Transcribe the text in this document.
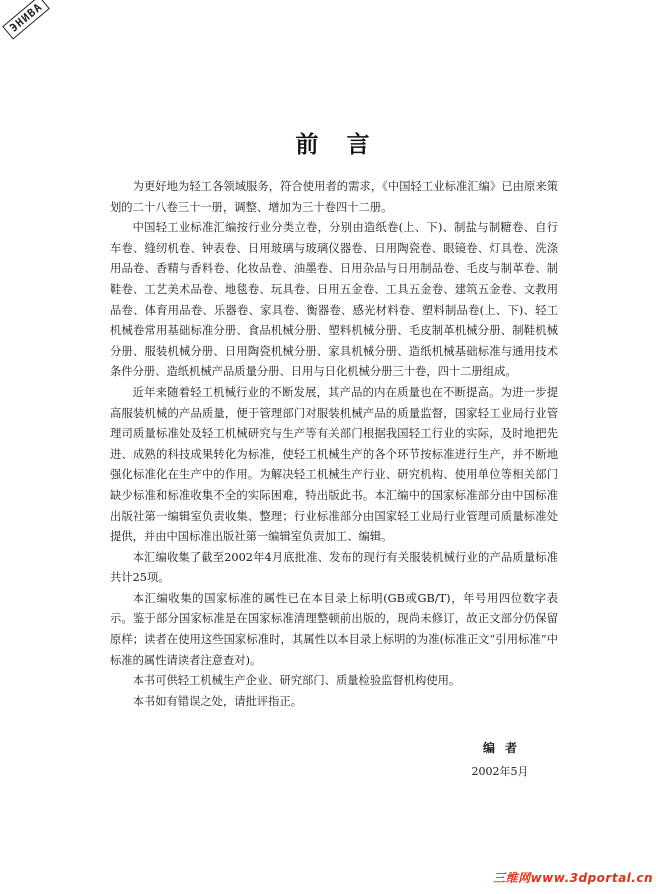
ЭНИВА
前言

为更好地为轻工各领域服务，符合使用者的需求，《中国轻工业标准汇编》已由原来策划的二十八卷三十一册，调整、增加为三十卷四十二册。

中国轻工业标准汇编按行业分类立卷，分别由造纸卷(上、下)、制盐与制糖卷、自行车卷、缝纫机卷、钟表卷、日用玻璃与玻璃仪器卷、日用陶瓷卷、眼镜卷、灯具卷、洗涤用品卷、香精与香料卷、化妆品卷、油墨卷、日用杂品与日用制品卷、毛皮与制革卷、制鞋卷、工艺美术品卷、地毯卷、玩具卷、日用五金卷、工具五金卷、建筑五金卷、文教用品卷、体育用品卷、乐器卷、家具卷、衡器卷、感光材料卷、塑料制品卷(上、下)、轻工机械卷常用基础标准分册、食品机械分册、塑料机械分册、毛皮制革机械分册、制鞋机械分册、服装机械分册、日用陶瓷机械分册、家具机械分册、造纸机械基础标准与通用技术条件分册、造纸机械产品质量分册、日用与日化机械分册三十卷，四十二册组成。

近年来随着轻工机械行业的不断发展，其产品的内在质量也在不断提高。为进一步提高服装机械的产品质量，便于管理部门对服装机械产品的质量监督，国家轻工业局行业管理司质量标准处及轻工机械研究与生产等有关部门根据我国轻工行业的实际，及时地把先进、成熟的科技成果转化为标准，使轻工机械生产的各个环节按标准进行生产，并不断地强化标准化在生产中的作用。为解决轻工机械生产行业、研究机构、使用单位等相关部门缺少标准和标准收集不全的实际困难，特出版此书。本汇编中的国家标准部分由中国标准出版社第一编辑室负责收集、整理；行业标准部分由国家轻工业局行业管理司质量标准处提供，并由中国标准出版社第一编辑室负责加工、编辑。

本汇编收集了截至2002年4月底批准、发布的现行有关服装机械行业的产品质量标准共计25项。

本汇编收集的国家标准的属性已在本目录上标明(GB或GB/T)，年号用四位数字表示。鉴于部分国家标准是在国家标准清理整顿前出版的，现尚未修订，故正文部分仍保留原样；读者在使用这些国家标准时，其属性以本目录上标明的为准(标准正文“引用标准”中标准的属性请读者注意查对)。

本书可供轻工机械生产企业、研究部门、质量检验监督机构使用。

本书如有错误之处，请批评指正。

编者
2002年5月
三维网www.3dportal.cn
